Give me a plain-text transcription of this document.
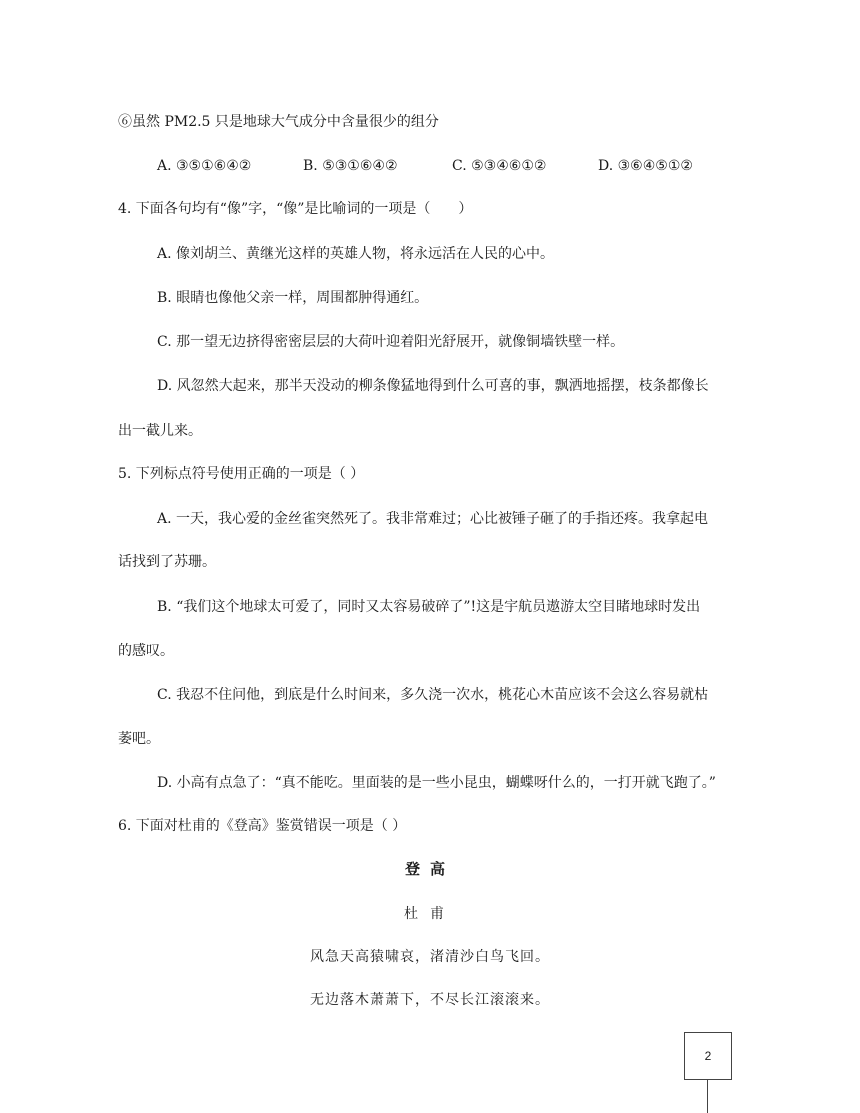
⑥虽然 PM2.5 只是地球大气成分中含量很少的组分
A. ③⑤①⑥④②	B. ⑤③①⑥④②	C. ⑤③④⑥①②	D. ③⑥④⑤①②
4. 下面各句均有“像”字，“像”是比喻词的一项是（　　）
A. 像刘胡兰、黄继光这样的英雄人物，将永远活在人民的心中。
B. 眼睛也像他父亲一样，周围都肿得通红。
C. 那一望无边挤得密密层层的大荷叶迎着阳光舒展开，就像铜墙铁壁一样。
D. 风忽然大起来，那半天没动的柳条像猛地得到什么可喜的事，飘洒地摇摆，枝条都像长
出一截儿来。
5. 下列标点符号使用正确的一项是（ ）
A. 一天，我心爱的金丝雀突然死了。我非常难过；心比被锤子砸了的手指还疼。我拿起电
话找到了苏珊。
B. “我们这个地球太可爱了，同时又太容易破碎了”!这是宇航员遨游太空目睹地球时发出
的感叹。
C. 我忍不住问他，到底是什么时间来，多久浇一次水，桃花心木苗应该不会这么容易就枯
萎吧。
D. 小高有点急了：“真不能吃。里面装的是一些小昆虫，蝴蝶呀什么的，一打开就飞跑了。”
6. 下面对杜甫的《登高》鉴赏错误一项是（ ）
登高
杜甫
风急天高猿啸哀，渚清沙白鸟飞回。
无边落木萧萧下，不尽长江滚滚来。
2
